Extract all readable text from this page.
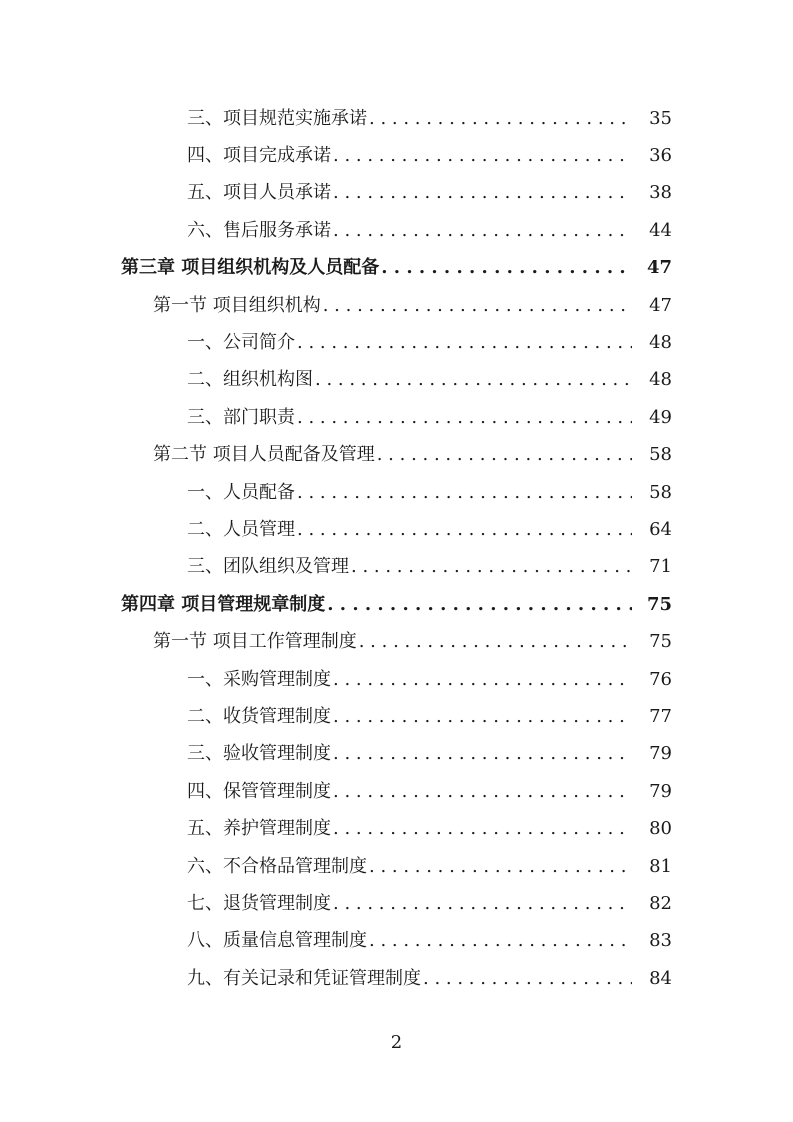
三、项目规范实施承诺 . . .	35
四、项目完成承诺 . . .	36
五、项目人员承诺 . . .	38
六、售后服务承诺 . . .	44
第三章 项目组织机构及人员配备 . . .	47
第一节 项目组织机构 . . .	47
一、公司简介 . . .	48
二、组织机构图 . . .	48
三、部门职责 . . .	49
第二节 项目人员配备及管理 . . .	58
一、人员配备 . . .	58
二、人员管理 . . .	64
三、团队组织及管理 . . .	71
第四章 项目管理规章制度 . . .	75
第一节 项目工作管理制度 . . .	75
一、采购管理制度 . . .	76
二、收货管理制度 . . .	77
三、验收管理制度 . . .	79
四、保管管理制度 . . .	79
五、养护管理制度 . . .	80
六、不合格品管理制度 . . .	81
七、退货管理制度 . . .	82
八、质量信息管理制度 . . .	83
九、有关记录和凭证管理制度 . . .	84
2
